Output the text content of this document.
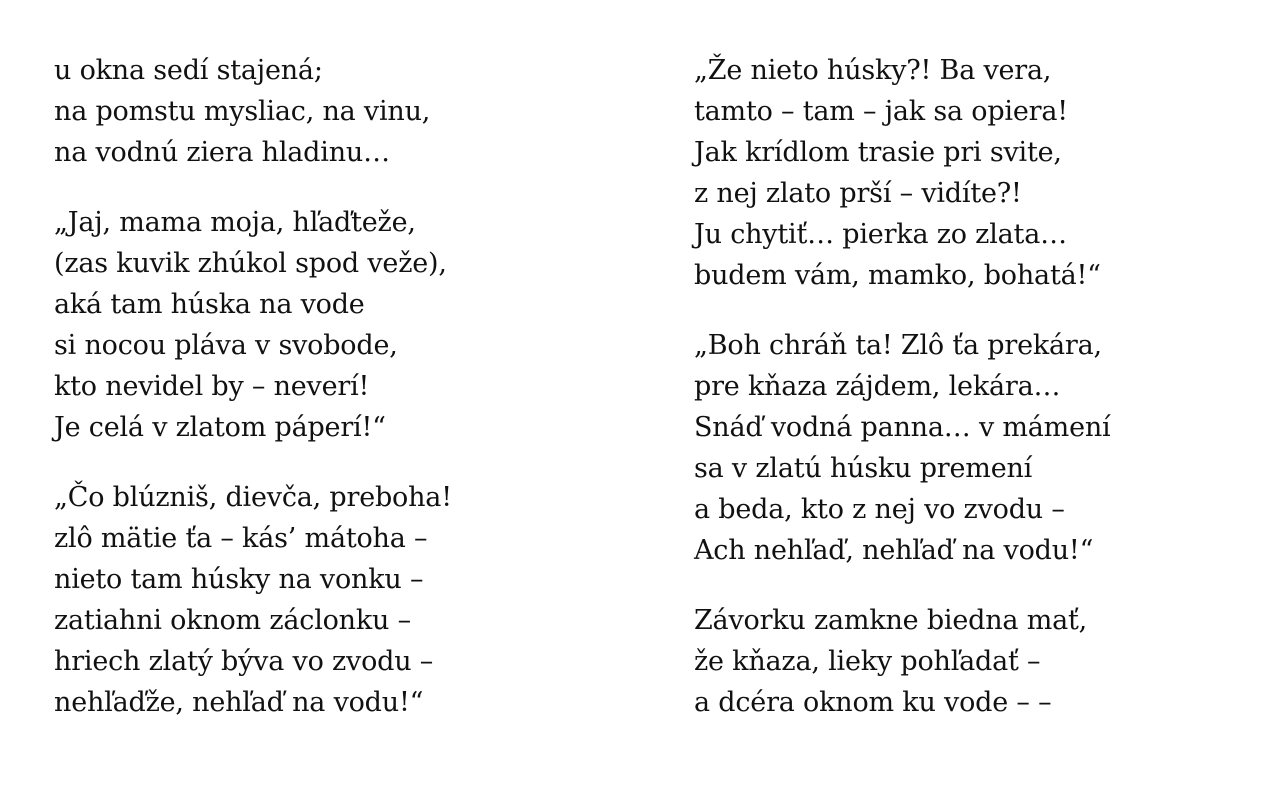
u okna sedí stajená;
na pomstu mysliac, na vinu,
na vodnú ziera hladinu…
„Jaj, mama moja, hľaďteže,
(zas kuvik zhúkol spod veže),
aká tam húska na vode
si nocou pláva v svobode,
kto nevidel by – neverí!
Je celá v zlatom páperí!“
„Čo blúzniš, dievča, preboha!
zlô mätie ťa – kás’ mátoha –
nieto tam húsky na vonku –
zatiahni oknom záclonku –
hriech zlatý býva vo zvodu –
nehľaďže, nehľaď na vodu!“
„Že nieto húsky?! Ba vera,
tamto – tam – jak sa opiera!
Jak krídlom trasie pri svite,
z nej zlato prší – vidíte?!
Ju chytiť… pierka zo zlata…
budem vám, mamko, bohatá!“
„Boh chráň ta! Zlô ťa prekára,
pre kňaza zájdem, lekára…
Snáď vodná panna… v mámení
sa v zlatú húsku premení
a beda, kto z nej vo zvodu –
Ach nehľaď, nehľaď na vodu!“
Závorku zamkne biedna mať,
že kňaza, lieky pohľadať –
a dcéra oknom ku vode – –
